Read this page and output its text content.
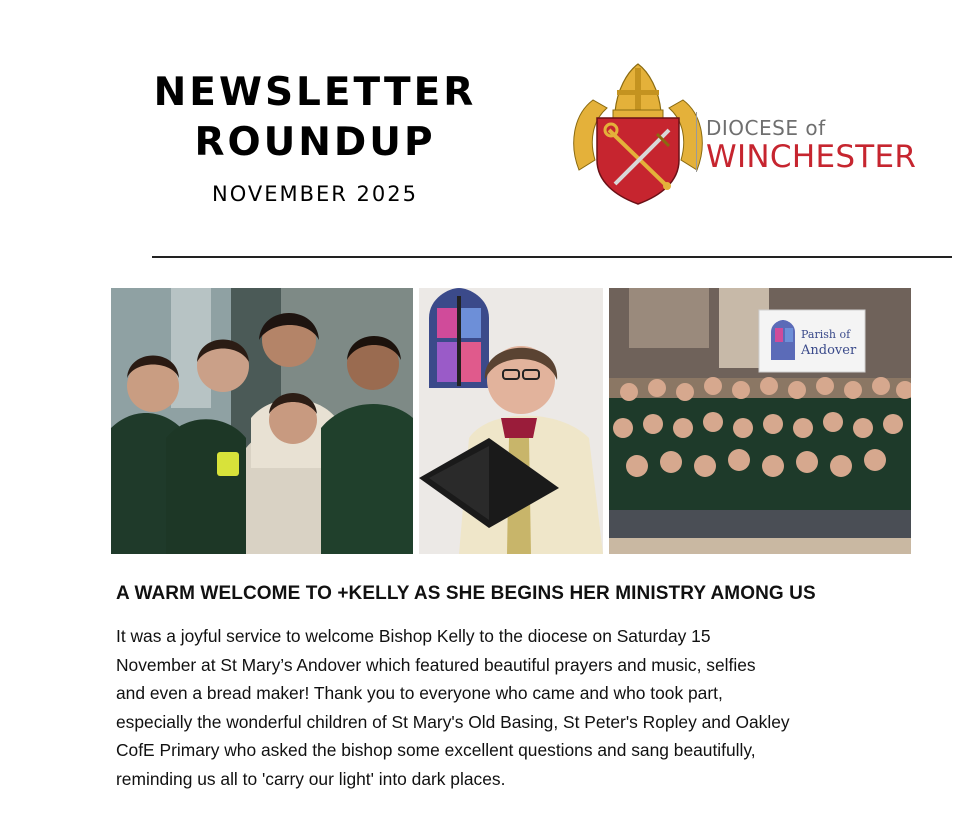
NEWSLETTER
ROUNDUP
NOVEMBER 2025
DIOCESE of
WINCHESTER
Parish of
Andover
A WARM WELCOME TO +KELLY AS SHE BEGINS HER MINISTRY AMONG US
It was a joyful service to welcome Bishop Kelly to the diocese on Saturday 15
November at St Mary’s Andover which featured beautiful prayers and music, selfies
and even a bread maker! Thank you to everyone who came and who took part,
especially the wonderful children of St Mary's Old Basing, St Peter's Ropley and Oakley
CofE Primary who asked the bishop some excellent questions and sang beautifully,
reminding us all to 'carry our light' into dark places.
